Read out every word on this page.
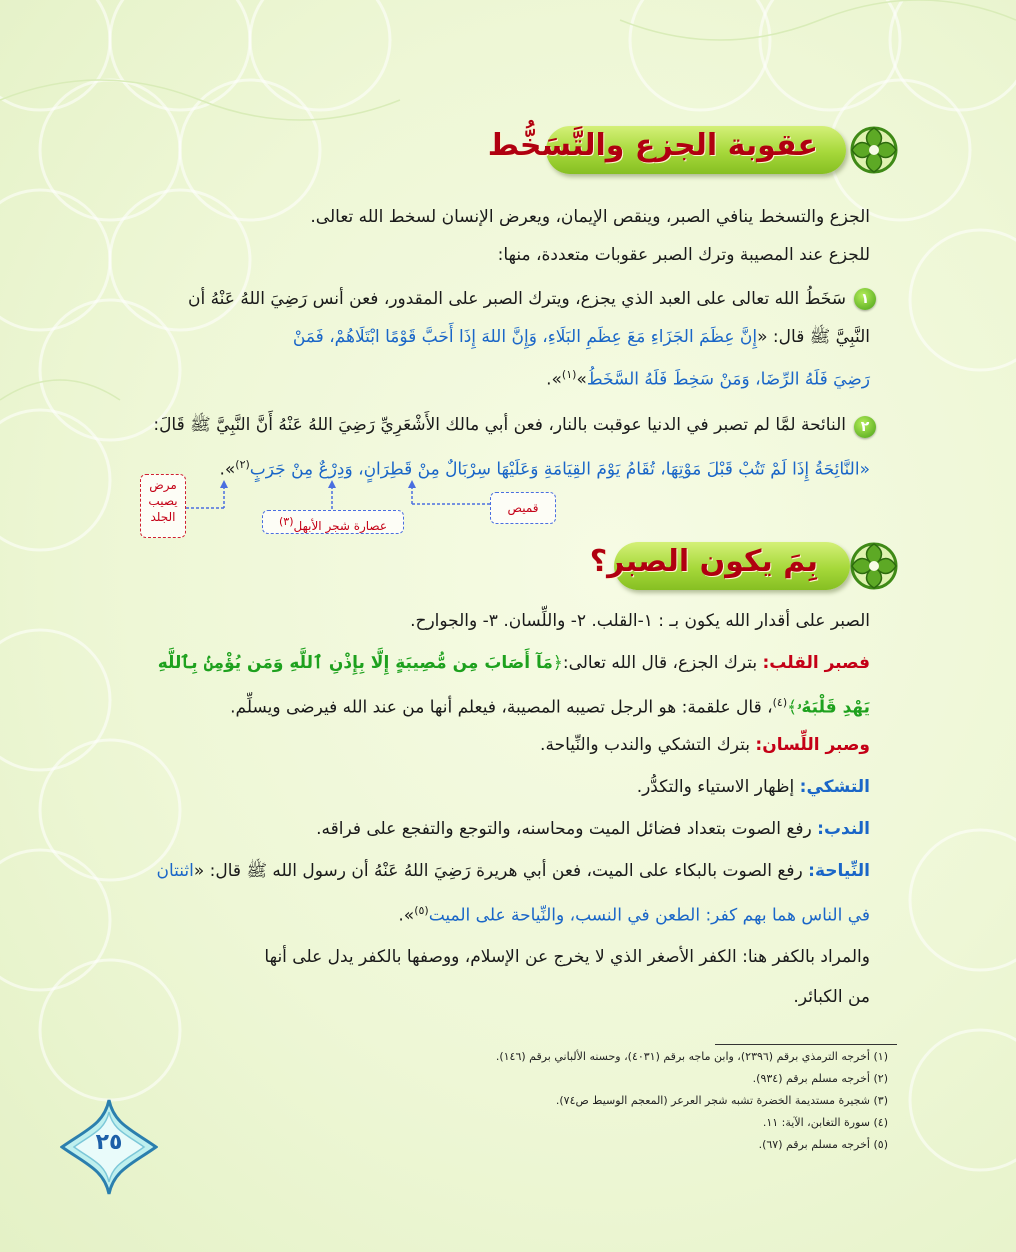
عقوبة الجزع والتَّسَخُّط
الجزع والتسخط ينافي الصبر، وينقص الإيمان، ويعرض الإنسان لسخط الله تعالى.
للجزع عند المصيبة وترك الصبر عقوبات متعددة، منها:
١
سَخَطُ الله تعالى على العبد الذي يجزع، ويترك الصبر على المقدور، فعن أنس رَضِيَ اللهُ عَنْهُ أن
النَّبِيَّ ﷺ قال: «إِنَّ عِظَمَ الجَزَاءِ مَعَ عِظَمِ البَلَاءِ، وَإِنَّ اللهَ إِذَا أَحَبَّ قَوْمًا ابْتَلَاهُمْ، فَمَنْ
رَضِيَ فَلَهُ الرِّضَا، وَمَنْ سَخِطَ فَلَهُ السَّخَطُ»$^{(١)}$».
٢
النائحة لمَّا لم تصبر في الدنيا عوقبت بالنار، فعن أبي مالك الأَشْعَرِيِّ رَضِيَ اللهُ عَنْهُ أَنَّ النَّبِيَّ ﷺ قَالَ:
«النَّائِحَةُ إِذَا لَمْ تَتُبْ قَبْلَ مَوْتِهَا، تُقَامُ يَوْمَ القِيَامَةِ وَعَلَيْهَا سِرْبَالٌ مِنْ قَطِرَانٍ، وَدِرْعٌ مِنْ جَرَبٍ$^{(٢)}$».
مرض يصيب الجلد
عصارة شجر الأبهل(٣)
قميص
بِمَ يكون الصبر؟
الصبر على أقدار الله يكون بـ : ١-القلب. ٢- واللِّسان. ٣- والجوارح.
فصبر القلب: بترك الجزع، قال الله تعالى:﴿مَآ أَصَابَ مِن مُّصِيبَةٍ إِلَّا بِإِذْنِ ٱللَّهِ وَمَن يُؤْمِنۢ بِٱللَّهِ
يَهْدِ قَلْبَهُۥ﴾$^{(٤)}$، قال علقمة: هو الرجل تصيبه المصيبة، فيعلم أنها من عند الله فيرضى ويسلِّم.
وصبر اللِّسان: بترك التشكي والندب والنِّياحة.
التشكي: إظهار الاستياء والتكدُّر.
الندب: رفع الصوت بتعداد فضائل الميت ومحاسنه، والتوجع والتفجع على فراقه.
النِّياحة: رفع الصوت بالبكاء على الميت، فعن أبي هريرة رَضِيَ اللهُ عَنْهُ أن رسول الله ﷺ قال: «اثنتان
في الناس هما بهم كفر: الطعن في النسب، والنِّياحة على الميت$^{(٥)}$».
والمراد بالكفر هنا: الكفر الأصغر الذي لا يخرج عن الإسلام، ووصفها بالكفر يدل على أنها
من الكبائر.
(١) أخرجه الترمذي برقم (٢٣٩٦)، وابن ماجه برقم (٤٠٣١)، وحسنه الألباني برقم (١٤٦).
(٢) أخرجه مسلم برقم (٩٣٤).
(٣) شجيرة مستديمة الخضرة تشبه شجر العرعر (المعجم الوسيط ص٧٤).
(٤) سورة التغابن، الآية: ١١.
(٥) أخرجه مسلم برقم (٦٧).
٢٥
